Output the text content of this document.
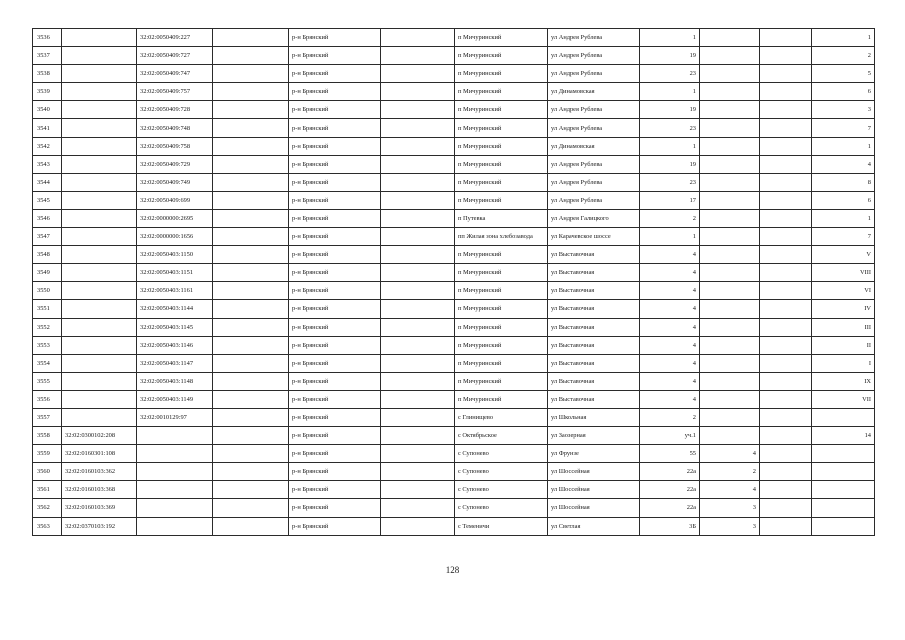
3536		32:02:0050409:227		р-н Брянский		п Мичуринский	ул Андрея Рублева	1			1
3537		32:02:0050409:727		р-н Брянский		п Мичуринский	ул Андрея Рублева	19			2
3538		32:02:0050409:747		р-н Брянский		п Мичуринский	ул Андрея Рублева	23			5
3539		32:02:0050409:757		р-н Брянский		п Мичуринский	ул Динамовская	1			6
3540		32:02:0050409:728		р-н Брянский		п Мичуринский	ул Андрея Рублева	19			3
3541		32:02:0050409:748		р-н Брянский		п Мичуринский	ул Андрея Рублева	23			7
3542		32:02:0050409:758		р-н Брянский		п Мичуринский	ул Динамовская	1			1
3543		32:02:0050409:729		р-н Брянский		п Мичуринский	ул Андрея Рублева	19			4
3544		32:02:0050409:749		р-н Брянский		п Мичуринский	ул Андрея Рублева	23			8
3545		32:02:0050409:699		р-н Брянский		п Мичуринский	ул Андрея Рублева	17			6
3546		32:02:0000000:2695		р-н Брянский		п Путевка	ул Андрея Галицкого	2			1
3547		32:02:0000000:1656		р-н Брянский		пп Жилая зона хлебозавода	ул Карачевское шоссе	1			7
3548		32:02:0050403:1150		р-н Брянский		п Мичуринский	ул Выставочная	4			V
3549		32:02:0050403:1151		р-н Брянский		п Мичуринский	ул Выставочная	4			VIII
3550		32:02:0050403:1161		р-н Брянский		п Мичуринский	ул Выставочная	4			VI
3551		32:02:0050403:1144		р-н Брянский		п Мичуринский	ул Выставочная	4			IV
3552		32:02:0050403:1145		р-н Брянский		п Мичуринский	ул Выставочная	4			III
3553		32:02:0050403:1146		р-н Брянский		п Мичуринский	ул Выставочная	4			II
3554		32:02:0050403:1147		р-н Брянский		п Мичуринский	ул Выставочная	4			I
3555		32:02:0050403:1148		р-н Брянский		п Мичуринский	ул Выставочная	4			IX
3556		32:02:0050403:1149		р-н Брянский		п Мичуринский	ул Выставочная	4			VII
3557		32:02:0010129:97		р-н Брянский		с Глинищево	ул Школьная	2			
3558	32:02:0300102:208			р-н Брянский		с Октябрьское	ул Заозерная	уч.1			14
3559	32:02:0160301:108			р-н Брянский		с Супонево	ул Фрунзе	55	4		
3560	32:02:0160103:362			р-н Брянский		с Супонево	ул Шоссейная	22а	2		
3561	32:02:0160103:368			р-н Брянский		с Супонево	ул Шоссейная	22а	4		
3562	32:02:0160103:369			р-н Брянский		с Супонево	ул Шоссейная	22а	3		
3563	32:02:0370103:192			р-н Брянский		с Теменичи	ул Светлая	3Б	3		
128
